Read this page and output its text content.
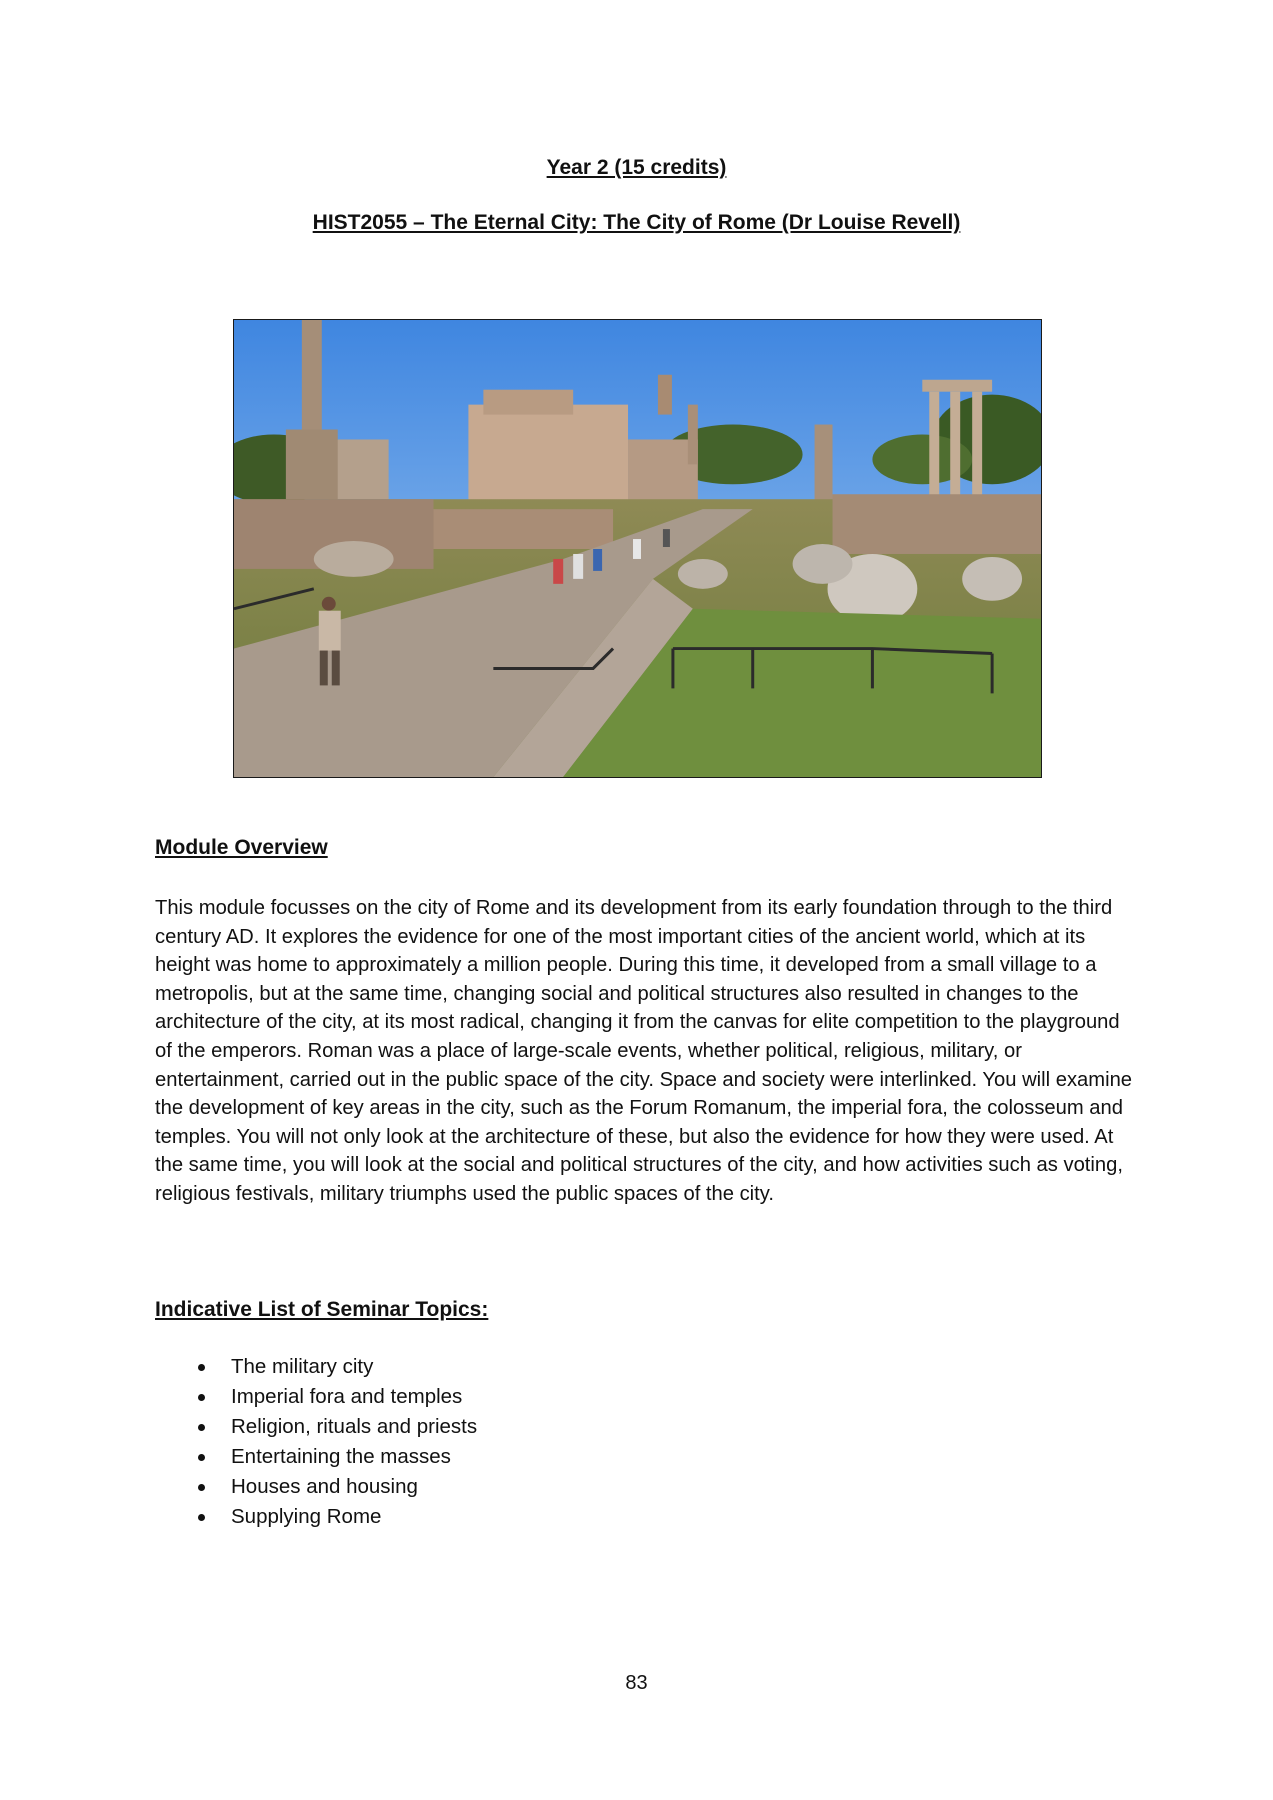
Year 2 (15 credits)
HIST2055 – The Eternal City: The City of Rome (Dr Louise Revell)
Module Overview

This module focusses on the city of Rome and its development from its early foundation through to the third century AD. It explores the evidence for one of the most important cities of the ancient world, which at its height was home to approximately a million people. During this time, it developed from a small village to a metropolis, but at the same time, changing social and political structures also resulted in changes to the architecture of the city, at its most radical, changing it from the canvas for elite competition to the playground of the emperors. Roman was a place of large-scale events, whether political, religious, military, or entertainment, carried out in the public space of the city. Space and society were interlinked. You will examine the development of key areas in the city, such as the Forum Romanum, the imperial fora, the colosseum and temples. You will not only look at the architecture of these, but also the evidence for how they were used. At the same time, you will look at the social and political structures of the city, and how activities such as voting, religious festivals, military triumphs used the public spaces of the city.

Indicative List of Seminar Topics:
The military city
Imperial fora and temples
Religion, rituals and priests
Entertaining the masses
Houses and housing
Supplying Rome
83
